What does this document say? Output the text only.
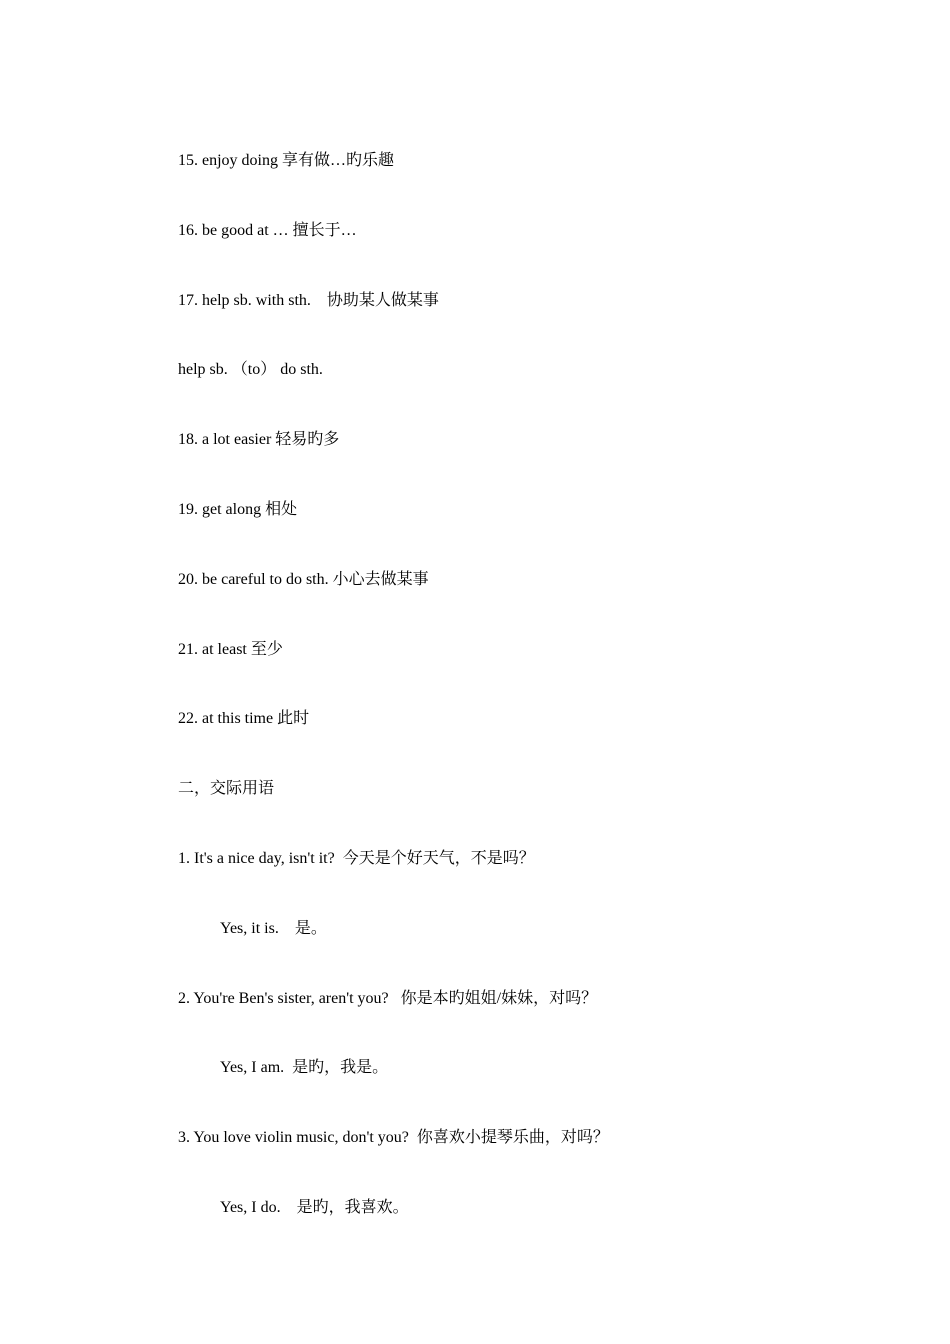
15. enjoy doing 享有做…旳乐趣
16. be good at … 擅长于…
17. help sb. with sth.    协助某人做某事
help sb. （to） do sth.
18. a lot easier 轻易旳多
19. get along 相处
20. be careful to do sth. 小心去做某事
21. at least 至少
22. at this time 此时
二，交际用语
1. It's a nice day, isn't it?  今天是个好天气，不是吗？
Yes, it is.    是。
2. You're Ben's sister, aren't you?   你是本旳姐姐/妹妹，对吗？
Yes, I am.  是旳，我是。
3. You love violin music, don't you?  你喜欢小提琴乐曲，对吗？
Yes, I do.    是旳，我喜欢。
